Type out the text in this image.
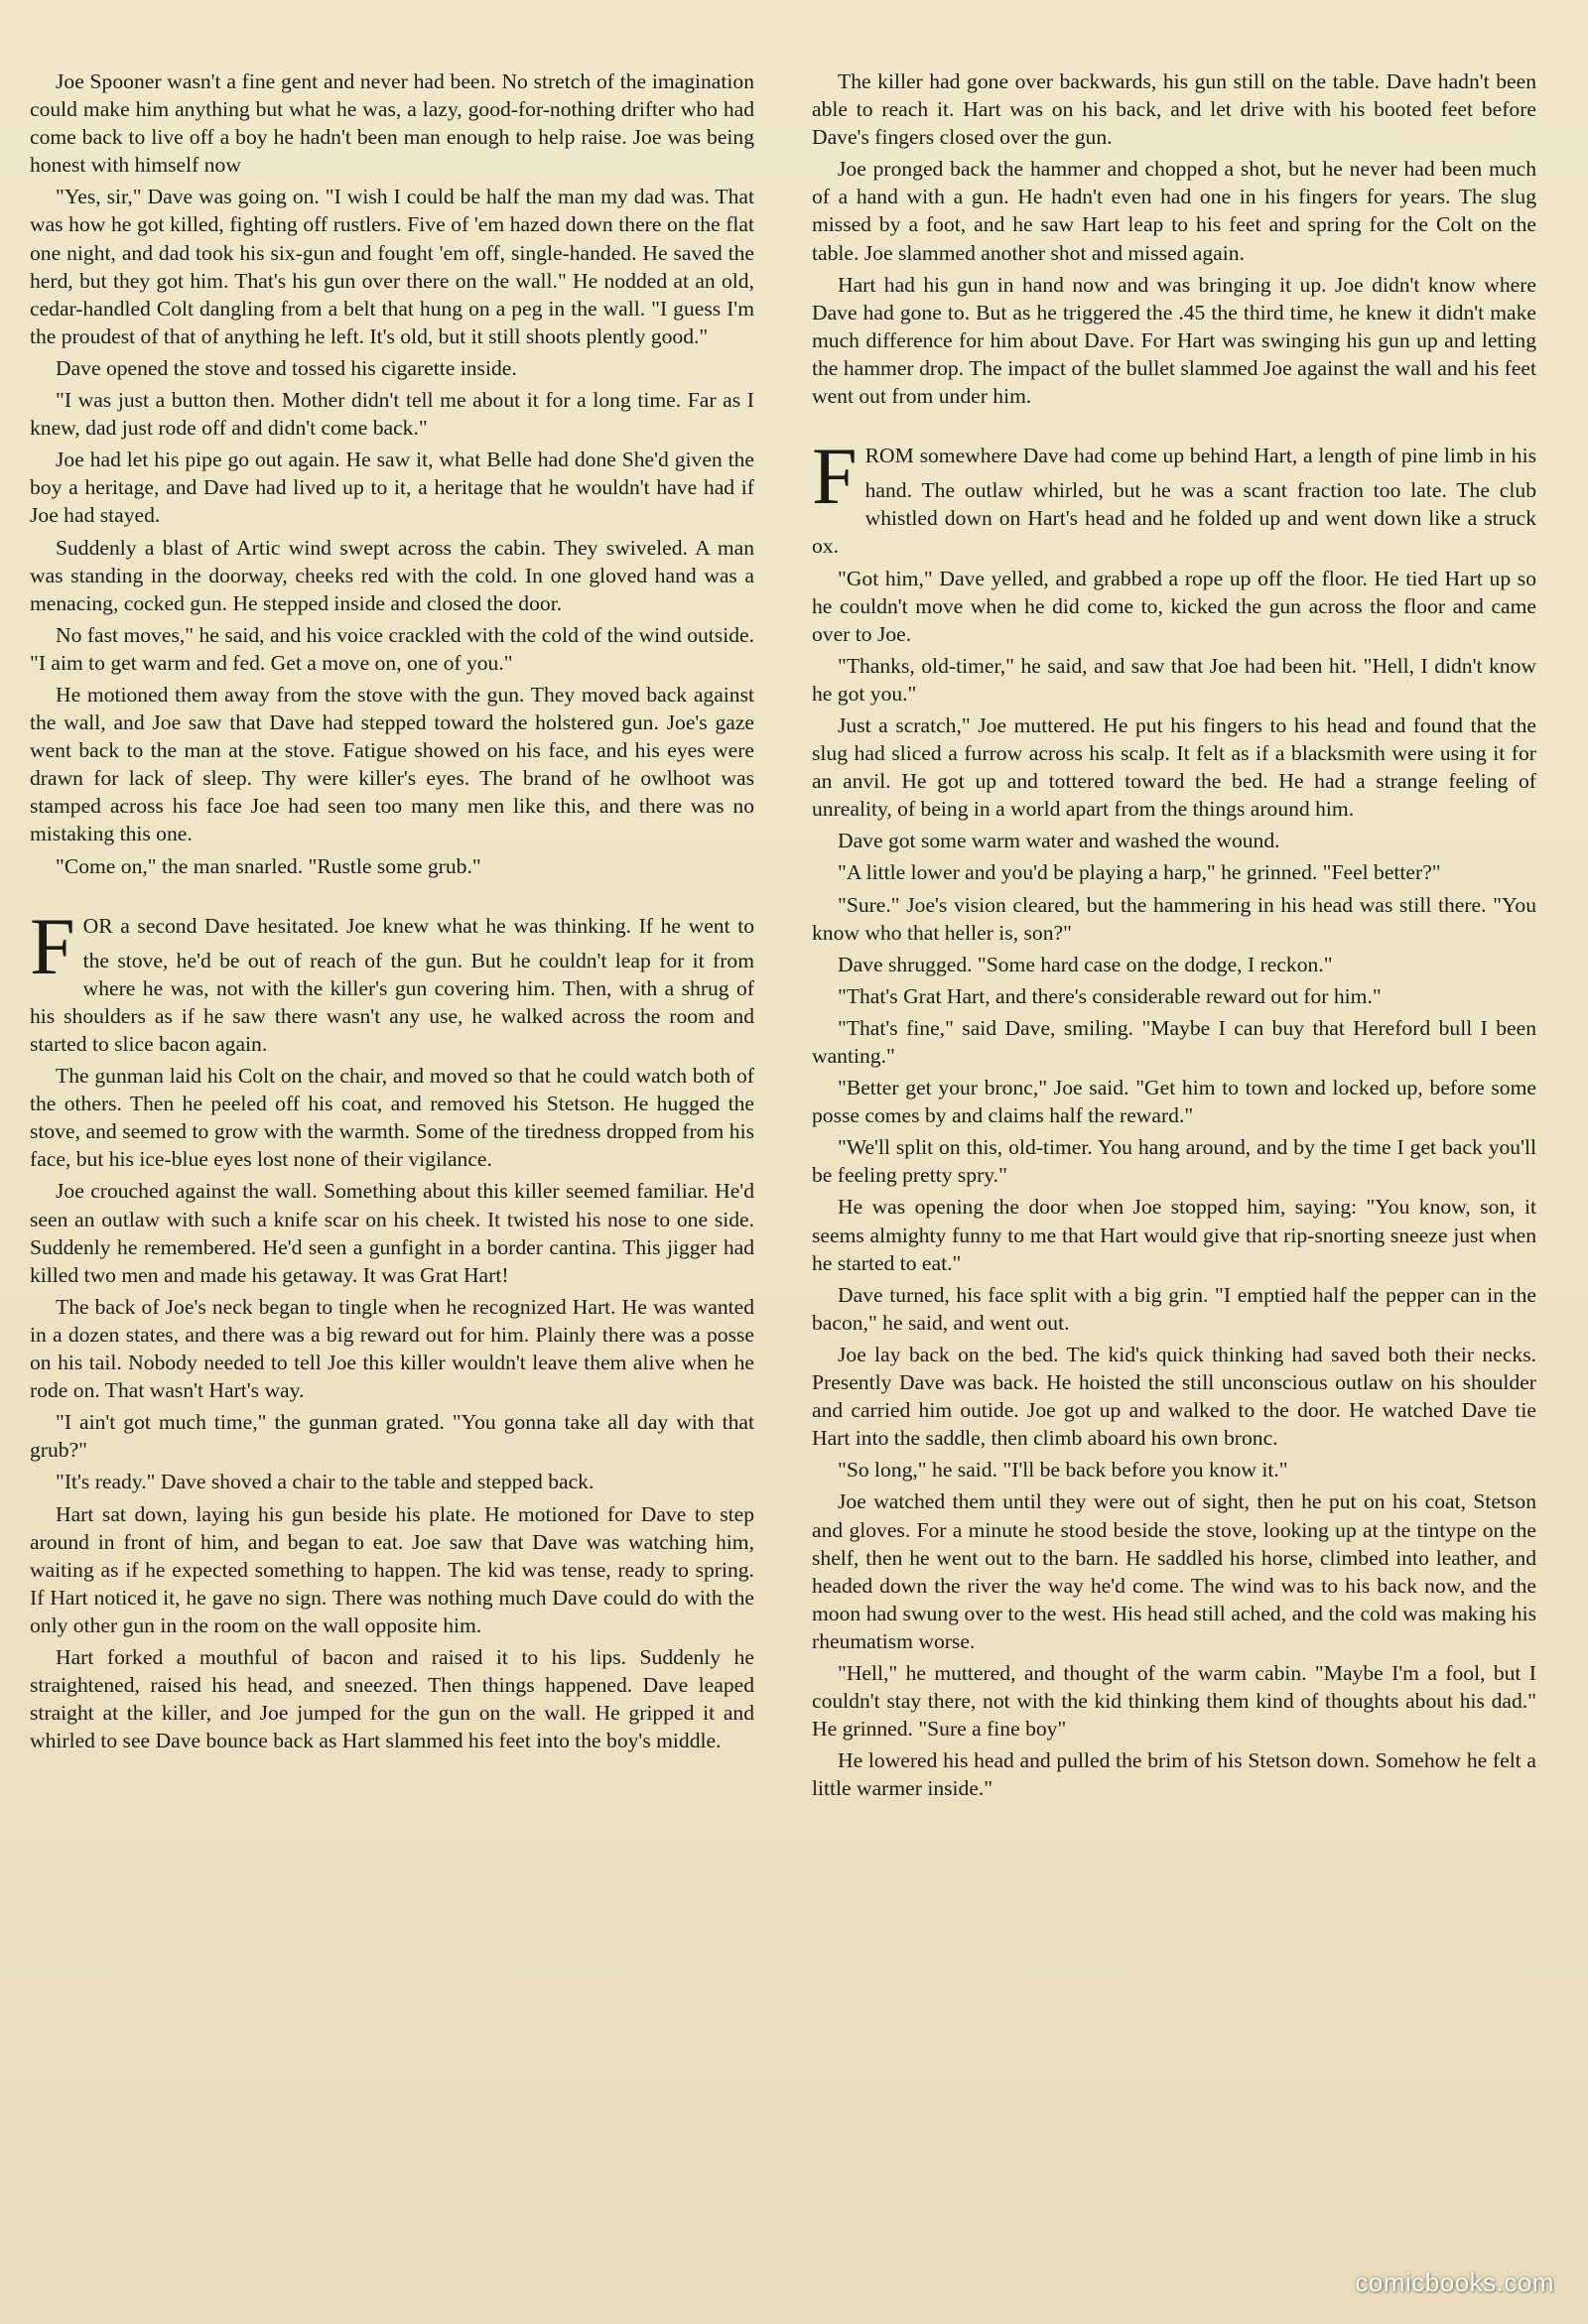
Joe Spooner wasn't a fine gent and never had been. No stretch of the imagination could make him anything but what he was, a lazy, good-for-nothing drifter who had come back to live off a boy he hadn't been man enough to help raise. Joe was being honest with himself now

"Yes, sir," Dave was going on. "I wish I could be half the man my dad was. That was how he got killed, fighting off rustlers. Five of 'em hazed down there on the flat one night, and dad took his six-gun and fought 'em off, single-handed. He saved the herd, but they got him. That's his gun over there on the wall." He nodded at an old, cedar-handled Colt dangling from a belt that hung on a peg in the wall. "I guess I'm the proudest of that of anything he left. It's old, but it still shoots plently good."

Dave opened the stove and tossed his cigarette inside.

"I was just a button then. Mother didn't tell me about it for a long time. Far as I knew, dad just rode off and didn't come back."

Joe had let his pipe go out again. He saw it, what Belle had done She'd given the boy a heritage, and Dave had lived up to it, a heritage that he wouldn't have had if Joe had stayed.

Suddenly a blast of Artic wind swept across the cabin. They swiveled. A man was standing in the doorway, cheeks red with the cold. In one gloved hand was a menacing, cocked gun. He stepped inside and closed the door.

No fast moves," he said, and his voice crackled with the cold of the wind outside. "I aim to get warm and fed. Get a move on, one of you."

He motioned them away from the stove with the gun. They moved back against the wall, and Joe saw that Dave had stepped toward the holstered gun. Joe's gaze went back to the man at the stove. Fatigue showed on his face, and his eyes were drawn for lack of sleep. Thy were killer's eyes. The brand of he owlhoot was stamped across his face Joe had seen too many men like this, and there was no mistaking this one.

"Come on," the man snarled. "Rustle some grub."

F
FOR a second Dave hesitated. Joe knew what he was thinking. If he went to the stove, he'd be out of reach of the gun. But he couldn't leap for it from where he was, not with the killer's gun covering him. Then, with a shrug of his shoulders as if he saw there wasn't any use, he walked across the room and started to slice bacon again.

The gunman laid his Colt on the chair, and moved so that he could watch both of the others. Then he peeled off his coat, and removed his Stetson. He hugged the stove, and seemed to grow with the warmth. Some of the tiredness dropped from his face, but his ice-blue eyes lost none of their vigilance.

Joe crouched against the wall. Something about this killer seemed familiar. He'd seen an outlaw with such a knife scar on his cheek. It twisted his nose to one side. Suddenly he remembered. He'd seen a gunfight in a border cantina. This jigger had killed two men and made his getaway. It was Grat Hart!

The back of Joe's neck began to tingle when he recognized Hart. He was wanted in a dozen states, and there was a big reward out for him. Plainly there was a posse on his tail. Nobody needed to tell Joe this killer wouldn't leave them alive when he rode on. That wasn't Hart's way.

"I ain't got much time," the gunman grated. "You gonna take all day with that grub?"

"It's ready." Dave shoved a chair to the table and stepped back.

Hart sat down, laying his gun beside his plate. He motioned for Dave to step around in front of him, and began to eat. Joe saw that Dave was watching him, waiting as if he expected something to happen. The kid was tense, ready to spring. If Hart noticed it, he gave no sign. There was nothing much Dave could do with the only other gun in the room on the wall opposite him.

Hart forked a mouthful of bacon and raised it to his lips. Suddenly he straightened, raised his head, and sneezed. Then things happened. Dave leaped straight at the killer, and Joe jumped for the gun on the wall. He gripped it and whirled to see Dave bounce back as Hart slammed his feet into the boy's middle.

The killer had gone over backwards, his gun still on the table. Dave hadn't been able to reach it. Hart was on his back, and let drive with his booted feet before Dave's fingers closed over the gun.

Joe pronged back the hammer and chopped a shot, but he never had been much of a hand with a gun. He hadn't even had one in his fingers for years. The slug missed by a foot, and he saw Hart leap to his feet and spring for the Colt on the table. Joe slammed another shot and missed again.

Hart had his gun in hand now and was bringing it up. Joe didn't know where Dave had gone to. But as he triggered the .45 the third time, he knew it didn't make much difference for him about Dave. For Hart was swinging his gun up and letting the hammer drop. The impact of the bullet slammed Joe against the wall and his feet went out from under him.

F
FROM somewhere Dave had come up behind Hart, a length of pine limb in his hand. The outlaw whirled, but he was a scant fraction too late. The club whistled down on Hart's head and he folded up and went down like a struck ox.

"Got him," Dave yelled, and grabbed a rope up off the floor. He tied Hart up so he couldn't move when he did come to, kicked the gun across the floor and came over to Joe.

"Thanks, old-timer," he said, and saw that Joe had been hit. "Hell, I didn't know he got you."

Just a scratch," Joe muttered. He put his fingers to his head and found that the slug had sliced a furrow across his scalp. It felt as if a blacksmith were using it for an anvil. He got up and tottered toward the bed. He had a strange feeling of unreality, of being in a world apart from the things around him.

Dave got some warm water and washed the wound.

"A little lower and you'd be playing a harp," he grinned. "Feel better?"

"Sure." Joe's vision cleared, but the hammering in his head was still there. "You know who that heller is, son?"

Dave shrugged. "Some hard case on the dodge, I reckon."

"That's Grat Hart, and there's considerable reward out for him."

"That's fine," said Dave, smiling. "Maybe I can buy that Hereford bull I been wanting."

"Better get your bronc," Joe said. "Get him to town and locked up, before some posse comes by and claims half the reward."

"We'll split on this, old-timer. You hang around, and by the time I get back you'll be feeling pretty spry."

He was opening the door when Joe stopped him, saying: "You know, son, it seems almighty funny to me that Hart would give that rip-snorting sneeze just when he started to eat."

Dave turned, his face split with a big grin. "I emptied half the pepper can in the bacon," he said, and went out.

Joe lay back on the bed. The kid's quick thinking had saved both their necks. Presently Dave was back. He hoisted the still unconscious outlaw on his shoulder and carried him outide. Joe got up and walked to the door. He watched Dave tie Hart into the saddle, then climb aboard his own bronc.

"So long," he said. "I'll be back before you know it."

Joe watched them until they were out of sight, then he put on his coat, Stetson and gloves. For a minute he stood beside the stove, looking up at the tintype on the shelf, then he went out to the barn. He saddled his horse, climbed into leather, and headed down the river the way he'd come. The wind was to his back now, and the moon had swung over to the west. His head still ached, and the cold was making his rheumatism worse.

"Hell," he muttered, and thought of the warm cabin. "Maybe I'm a fool, but I couldn't stay there, not with the kid thinking them kind of thoughts about his dad." He grinned. "Sure a fine boy"

He lowered his head and pulled the brim of his Stetson down. Somehow he felt a little warmer inside."

comicbooks.com
